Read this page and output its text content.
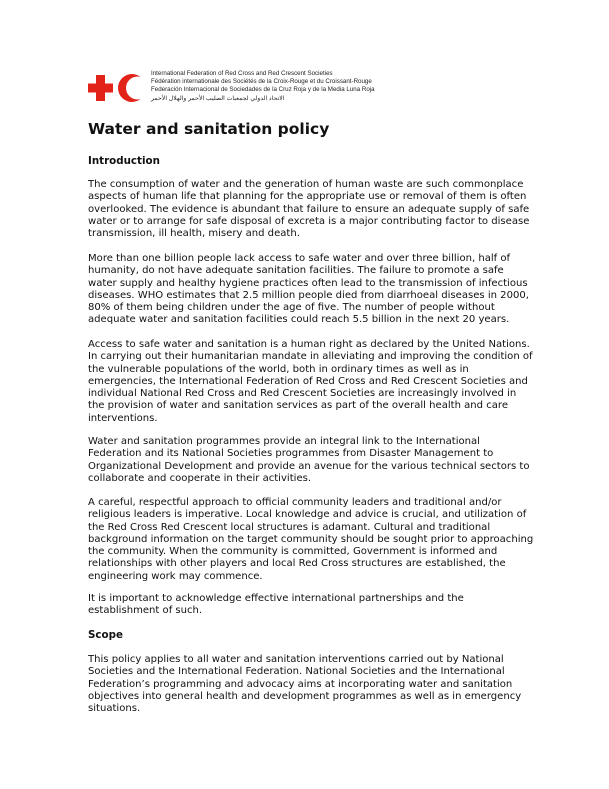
International Federation of Red Cross and Red Crescent Societies
Fédération internationale des Sociétés de la Croix-Rouge et du Croissant-Rouge
Federación Internacional de Sociedades de la Cruz Roja y de la Media Luna Roja
الاتحاد الدولي لجمعيات الصليب الأحمر والهلال الأحمر
Water and sanitation policy
Introduction
The consumption of water and the generation of human waste are such commonplace
aspects of human life that planning for the appropriate use or removal of them is often
overlooked. The evidence is abundant that failure to ensure an adequate supply of safe
water or to arrange for safe disposal of excreta is a major contributing factor to disease
transmission, ill health, misery and death.
More than one billion people lack access to safe water and over three billion, half of
humanity, do not have adequate sanitation facilities. The failure to promote a safe
water supply and healthy hygiene practices often lead to the transmission of infectious
diseases. WHO estimates that 2.5 million people died from diarrhoeal diseases in 2000,
80% of them being children under the age of five. The number of people without
adequate water and sanitation facilities could reach 5.5 billion in the next 20 years.
Access to safe water and sanitation is a human right as declared by the United Nations.
In carrying out their humanitarian mandate in alleviating and improving the condition of
the vulnerable populations of the world, both in ordinary times as well as in
emergencies, the International Federation of Red Cross and Red Crescent Societies and
individual National Red Cross and Red Crescent Societies are increasingly involved in
the provision of water and sanitation services as part of the overall health and care
interventions.
Water and sanitation programmes provide an integral link to the International
Federation and its National Societies programmes from Disaster Management to
Organizational Development and provide an avenue for the various technical sectors to
collaborate and cooperate in their activities.
A careful, respectful approach to official community leaders and traditional and/or
religious leaders is imperative. Local knowledge and advice is crucial, and utilization of
the Red Cross Red Crescent local structures is adamant. Cultural and traditional
background information on the target community should be sought prior to approaching
the community. When the community is committed, Government is informed and
relationships with other players and local Red Cross structures are established, the
engineering work may commence.
It is important to acknowledge effective international partnerships and the
establishment of such.
Scope
This policy applies to all water and sanitation interventions carried out by National
Societies and the International Federation. National Societies and the International
Federation’s programming and advocacy aims at incorporating water and sanitation
objectives into general health and development programmes as well as in emergency
situations.
